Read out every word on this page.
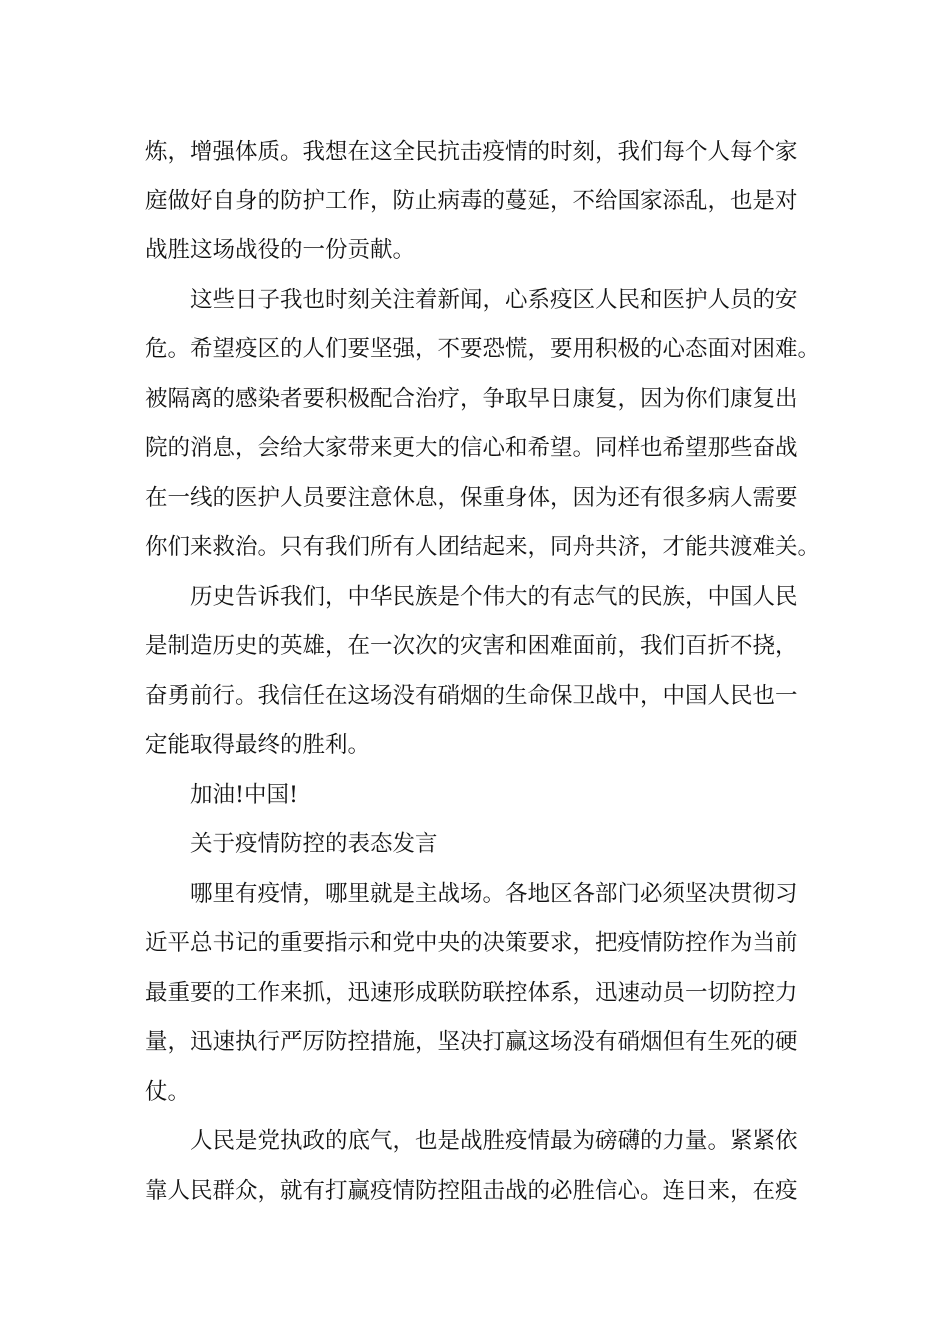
炼，增强体质。我想在这全民抗击疫情的时刻，我们每个人每个家
庭做好自身的防护工作，防止病毒的蔓延，不给国家添乱，也是对
战胜这场战役的一份贡献。
这些日子我也时刻关注着新闻，心系疫区人民和医护人员的安
危。希望疫区的人们要坚强，不要恐慌，要用积极的心态面对困难。
被隔离的感染者要积极配合治疗，争取早日康复，因为你们康复出
院的消息，会给大家带来更大的信心和希望。同样也希望那些奋战
在一线的医护人员要注意休息，保重身体，因为还有很多病人需要
你们来救治。只有我们所有人团结起来，同舟共济，才能共渡难关。
历史告诉我们，中华民族是个伟大的有志气的民族，中国人民
是制造历史的英雄，在一次次的灾害和困难面前，我们百折不挠，
奋勇前行。我信任在这场没有硝烟的生命保卫战中，中国人民也一
定能取得最终的胜利。
加油!中国!
关于疫情防控的表态发言
哪里有疫情，哪里就是主战场。各地区各部门必须坚决贯彻习
近平总书记的重要指示和党中央的决策要求，把疫情防控作为当前
最重要的工作来抓，迅速形成联防联控体系，迅速动员一切防控力
量，迅速执行严厉防控措施，坚决打赢这场没有硝烟但有生死的硬
仗。
人民是党执政的底气，也是战胜疫情最为磅礴的力量。紧紧依
靠人民群众，就有打赢疫情防控阻击战的必胜信心。连日来，在疫
